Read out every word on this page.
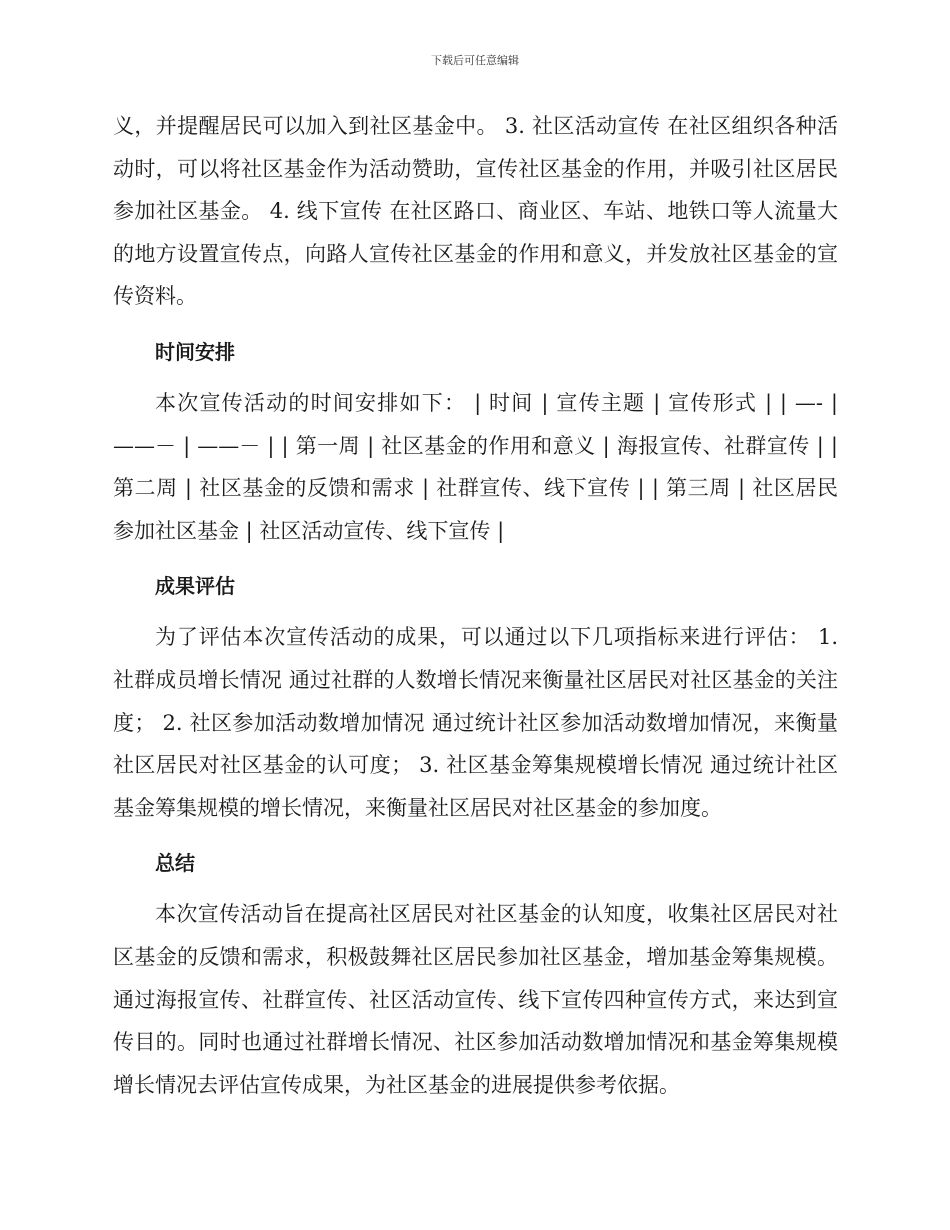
下载后可任意编辑

义，并提醒居民可以加入到社区基金中。 3. 社区活动宣传 在社区组织各种活动时，可以将社区基金作为活动赞助，宣传社区基金的作用，并吸引社区居民参加社区基金。 4. 线下宣传 在社区路口、商业区、车站、地铁口等人流量大的地方设置宣传点，向路人宣传社区基金的作用和意义，并发放社区基金的宣传资料。

时间安排

本次宣传活动的时间安排如下： | 时间 | 宣传主题 | 宣传形式 | | —- | ——－ | ——－ | | 第一周 | 社区基金的作用和意义 | 海报宣传、社群宣传 | | 第二周 | 社区基金的反馈和需求 | 社群宣传、线下宣传 | | 第三周 | 社区居民参加社区基金 | 社区活动宣传、线下宣传 |

成果评估

为了评估本次宣传活动的成果，可以通过以下几项指标来进行评估： 1. 社群成员增长情况 通过社群的人数增长情况来衡量社区居民对社区基金的关注度； 2. 社区参加活动数增加情况 通过统计社区参加活动数增加情况，来衡量社区居民对社区基金的认可度； 3. 社区基金筹集规模增长情况 通过统计社区基金筹集规模的增长情况，来衡量社区居民对社区基金的参加度。

总结

本次宣传活动旨在提高社区居民对社区基金的认知度，收集社区居民对社区基金的反馈和需求，积极鼓舞社区居民参加社区基金，增加基金筹集规模。通过海报宣传、社群宣传、社区活动宣传、线下宣传四种宣传方式，来达到宣传目的。同时也通过社群增长情况、社区参加活动数增加情况和基金筹集规模增长情况去评估宣传成果，为社区基金的进展提供参考依据。
